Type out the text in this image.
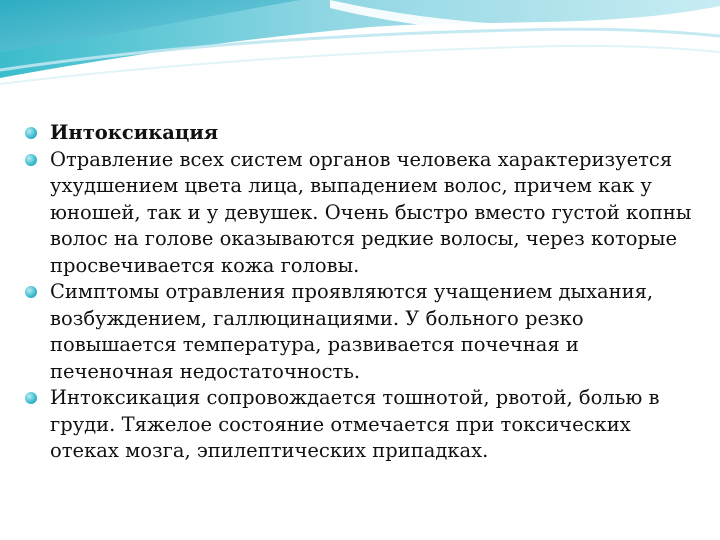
Интоксикация
Отравление всех систем органов человека характеризуется ухудшением цвета лица, выпадением волос, причем как у юношей, так и у девушек. Очень быстро вместо густой копны волос на голове оказываются редкие волосы, через которые просвечивается кожа головы.
Симптомы отравления проявляются учащением дыхания, возбуждением, галлюцинациями. У больного резко повышается температура, развивается почечная и печеночная недостаточность.
Интоксикация сопровождается тошнотой, рвотой, болью в груди. Тяжелое состояние отмечается при токсических отеках мозга, эпилептических припадках.
